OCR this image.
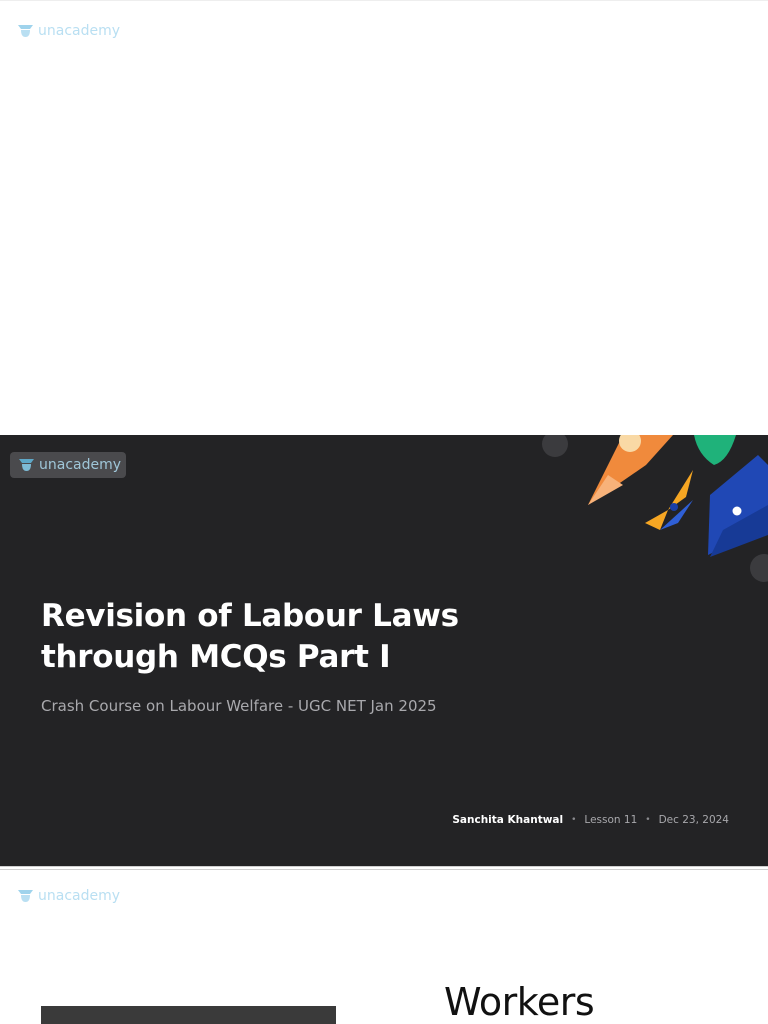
unacademy
unacademy
Revision of Labour Laws through MCQs Part I
Crash Course on Labour Welfare - UGC NET Jan 2025
Sanchita Khantwal • Lesson 11 • Dec 23, 2024
unacademy
Workers
